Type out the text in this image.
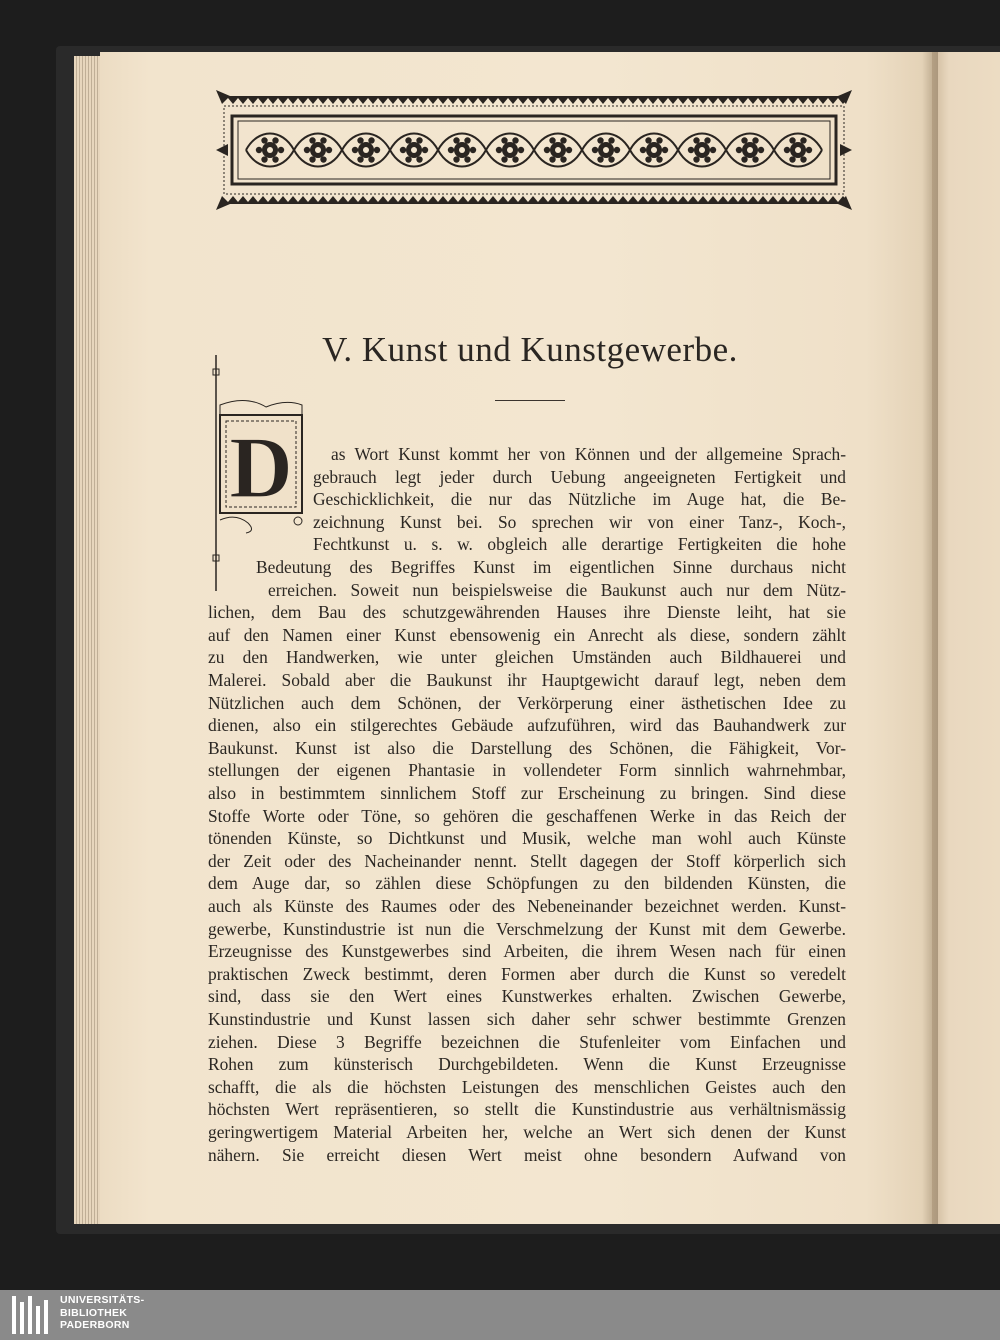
V. Kunst und Kunstgewerbe.
D as Wort Kunst kommt her von Können und der allgemeine Sprach-
gebrauch legt jeder durch Uebung angeeigneten Fertigkeit und
Geschicklichkeit, die nur das Nützliche im Auge hat, die Be-
zeichnung Kunst bei. So sprechen wir von einer Tanz-, Koch-,
Fechtkunst u. s. w. obgleich alle derartige Fertigkeiten die hohe
Bedeutung des Begriffes Kunst im eigentlichen Sinne durchaus nicht
erreichen. Soweit nun beispielsweise die Baukunst auch nur dem Nütz-
lichen, dem Bau des schutzgewährenden Hauses ihre Dienste leiht, hat sie
auf den Namen einer Kunst ebensowenig ein Anrecht als diese, sondern zählt
zu den Handwerken, wie unter gleichen Umständen auch Bildhauerei und
Malerei. Sobald aber die Baukunst ihr Hauptgewicht darauf legt, neben dem
Nützlichen auch dem Schönen, der Verkörperung einer ästhetischen Idee zu
dienen, also ein stilgerechtes Gebäude aufzuführen, wird das Bauhandwerk zur
Baukunst. Kunst ist also die Darstellung des Schönen, die Fähigkeit, Vor-
stellungen der eigenen Phantasie in vollendeter Form sinnlich wahrnehmbar,
also in bestimmtem sinnlichem Stoff zur Erscheinung zu bringen. Sind diese
Stoffe Worte oder Töne, so gehören die geschaffenen Werke in das Reich der
tönenden Künste, so Dichtkunst und Musik, welche man wohl auch Künste
der Zeit oder des Nacheinander nennt. Stellt dagegen der Stoff körperlich sich
dem Auge dar, so zählen diese Schöpfungen zu den bildenden Künsten, die
auch als Künste des Raumes oder des Nebeneinander bezeichnet werden. Kunst-
gewerbe, Kunstindustrie ist nun die Verschmelzung der Kunst mit dem Gewerbe.
Erzeugnisse des Kunstgewerbes sind Arbeiten, die ihrem Wesen nach für einen
praktischen Zweck bestimmt, deren Formen aber durch die Kunst so veredelt
sind, dass sie den Wert eines Kunstwerkes erhalten. Zwischen Gewerbe,
Kunstindustrie und Kunst lassen sich daher sehr schwer bestimmte Grenzen
ziehen. Diese 3 Begriffe bezeichnen die Stufenleiter vom Einfachen und
Rohen zum künsterisch Durchgebildeten. Wenn die Kunst Erzeugnisse
schafft, die als die höchsten Leistungen des menschlichen Geistes auch den
höchsten Wert repräsentieren, so stellt die Kunstindustrie aus verhältnismässig
geringwertigem Material Arbeiten her, welche an Wert sich denen der Kunst
nähern. Sie erreicht diesen Wert meist ohne besondern Aufwand von
UNIVERSITÄTS-
BIBLIOTHEK
PADERBORN
